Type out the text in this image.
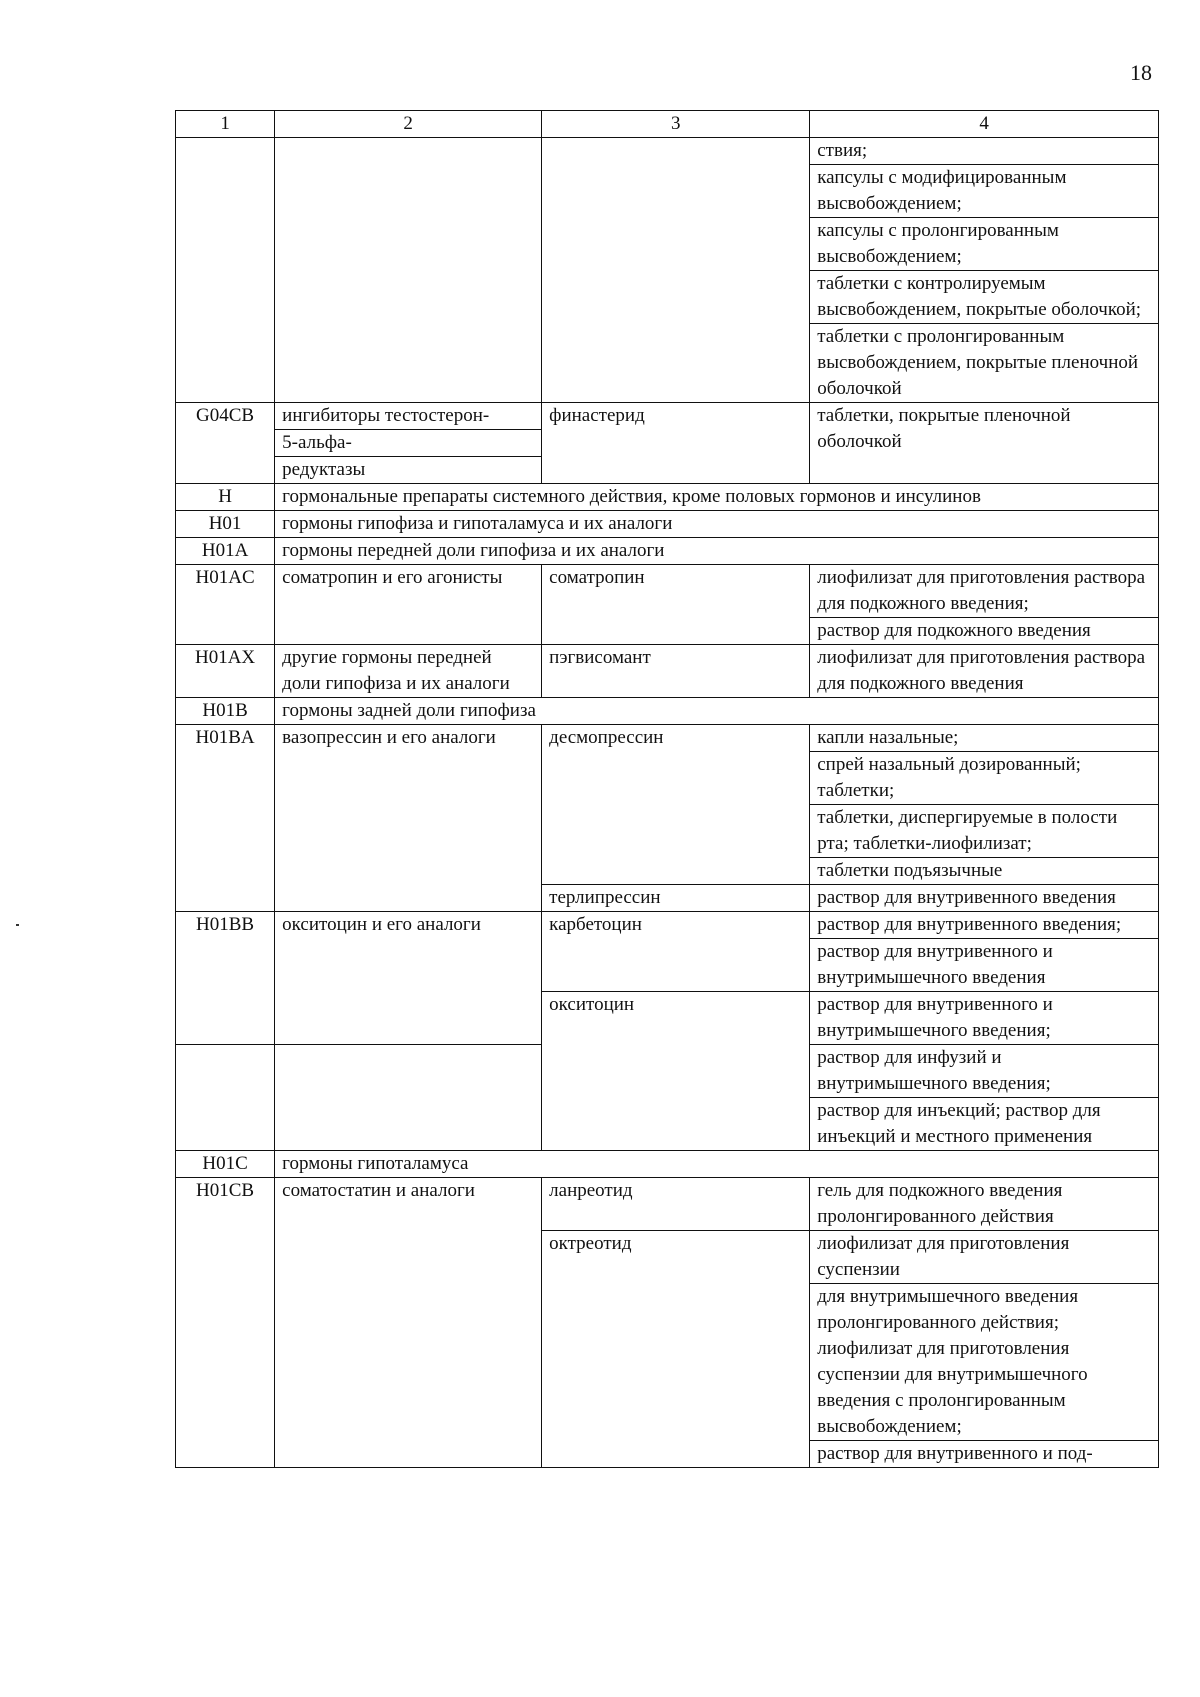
18
1	2	3	4
			ствия;
			капсулы с модифицированным высвобождением;
			капсулы с пролонгированным высвобождением;
			таблетки с контролируемым высвобождением, покрытые оболочкой;
			таблетки с пролонгированным высвобождением, покрытые пленочной оболочкой
G04CB	ингибиторы тестостерон-	финастерид	таблетки, покрытые пленочной оболочкой
	5-альфа-		
	редуктазы		
H	гормональные препараты системного действия, кроме половых гормонов и инсулинов		
H01	гормоны гипофиза и гипоталамуса и их аналоги		
H01A	гормоны передней доли гипофиза и их аналоги		
H01AC	соматропин и его агонисты	соматропин	лиофилизат для приготовления раствора для подкожного введения;
			раствор для подкожного введения
H01AX	другие гормоны передней доли гипофиза и их аналоги	пэгвисомант	лиофилизат для приготовления раствора для подкожного введения
H01B	гормоны задней доли гипофиза		
H01BA	вазопрессин и его аналоги	десмопрессин	капли назальные;
			спрей назальный дозированный; таблетки;
			таблетки, диспергируемые в полости рта; таблетки-лиофилизат;
			таблетки подъязычные
		терлипрессин	раствор для внутривенного введения
H01BB	окситоцин и его аналоги	карбетоцин	раствор для внутривенного введения;
			раствор для внутривенного и внутримышечного введения
		окситоцин	раствор для внутривенного и внутримышечного введения;
			раствор для инфузий и внутримышечного введения;
			раствор для инъекций; раствор для инъекций и местного применения
H01C	гормоны гипоталамуса		
H01CB	соматостатин и аналоги	ланреотид	гель для подкожного введения пролонгированного действия
		октреотид	лиофилизат для приготовления суспензии
			для внутримышечного введения пролонгированного действия; лиофилизат для приготовления суспензии для внутримышечного введения с пролонгированным высвобождением;
			раствор для внутривенного и под-
